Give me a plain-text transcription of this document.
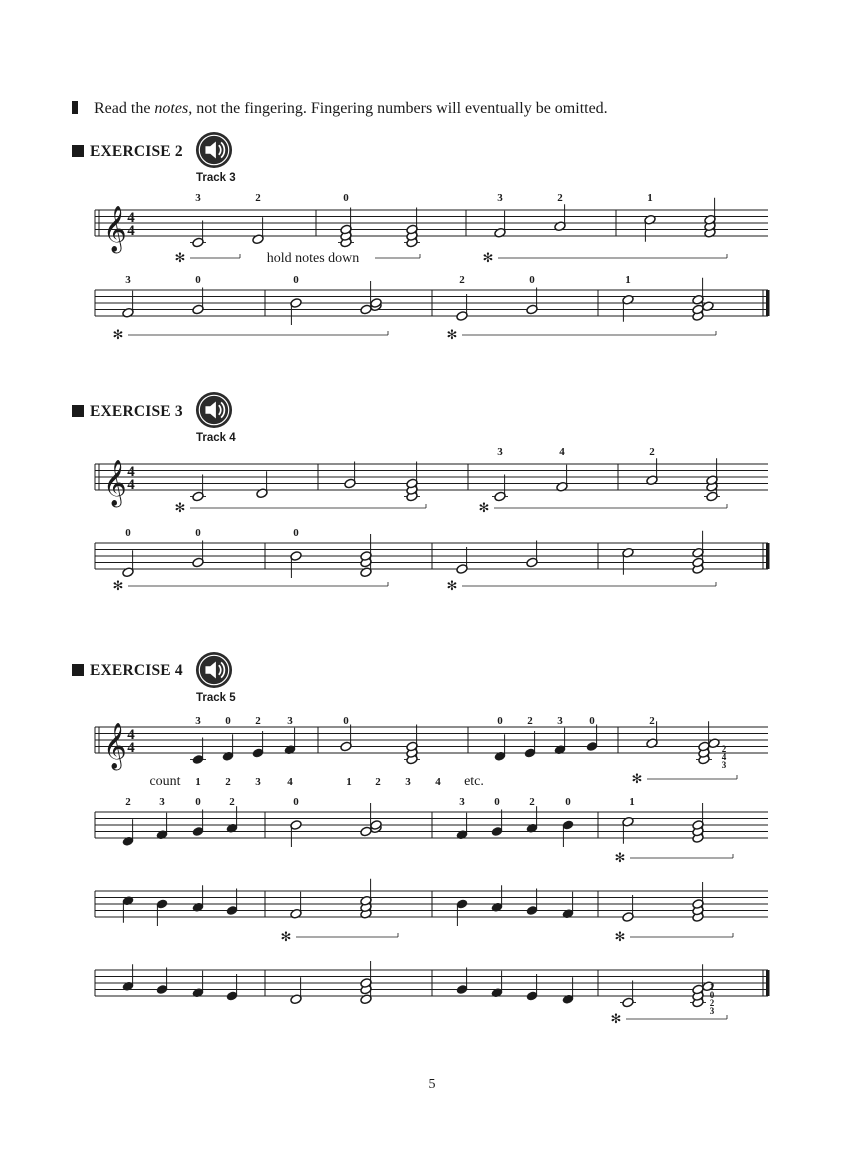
Read the notes, not the fingering. Fingering numbers will eventually be omitted.
EXERCISE 2
EXERCISE 3
EXERCISE 4
Track 3
Track 4
Track 5
𝄞 4
4
3	2	0	3	2	1
✻	hold notes down	✻
3	0	0	2	0	1
✻	✻
𝄞 4
4
3	4	2
✻	✻
0	0	0
✻	✻
𝄞 4
4
3 0 2 3	0	0 2 3 0	2
2
4
3
count 1 2 3 4	1 2 3 4 etc.	✻
2	3	0	2	0	3	0	2	0	1
✻
✻	✻
1
0
2
3
✻
5
